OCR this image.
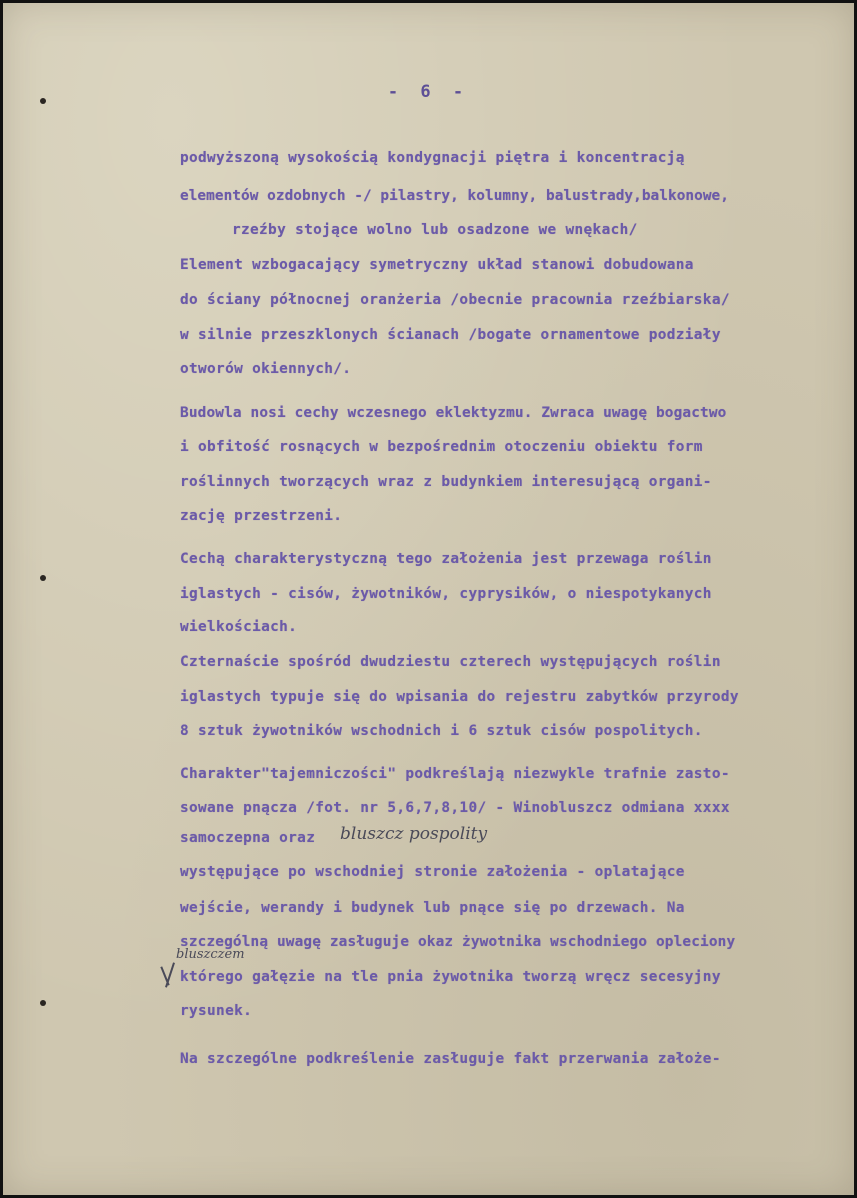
- 6 -
podwyższoną wysokością kondygnacji piętra i koncentracją
elementów ozdobnych -/ pilastry, kolumny, balustrady,balkonowe,
rzeźby stojące wolno lub osadzone we wnękach/
Element wzbogacający symetryczny układ stanowi dobudowana
do ściany północnej oranżeria /obecnie pracownia rzeźbiarska/
w silnie przeszklonych ścianach /bogate ornamentowe podziały
otworów okiennych/.
Budowla nosi cechy wczesnego eklektyzmu. Zwraca uwagę bogactwo
i obfitość rosnących w bezpośrednim otoczeniu obiektu form
roślinnych tworzących wraz z budynkiem interesującą organi-
zację przestrzeni.
Cechą charakterystyczną tego założenia jest przewaga roślin
iglastych - cisów, żywotników, cyprysików, o niespotykanych
wielkościach.
Czternaście spośród dwudziestu czterech występujących roślin
iglastych typuje się do wpisania do rejestru zabytków przyrody
8 sztuk żywotników wschodnich i 6 sztuk cisów pospolitych.
Charakter"tajemniczości" podkreślają niezwykle trafnie zasto-
sowane pnącza /fot. nr 5,6,7,8,10/ - Winobluszcz odmiana xxxx
samoczepna oraz bluszcz pospolity
występujące po wschodniej stronie założenia - oplatające
wejście, werandy i budynek lub pnące się po drzewach. Na
szczególną uwagę zasługuje okaz żywotnika wschodniego opleciony
bluszczem
którego gałęzie na tle pnia żywotnika tworzą wręcz secesyjny
rysunek.
Na szczególne podkreślenie zasługuje fakt przerwania założe-
